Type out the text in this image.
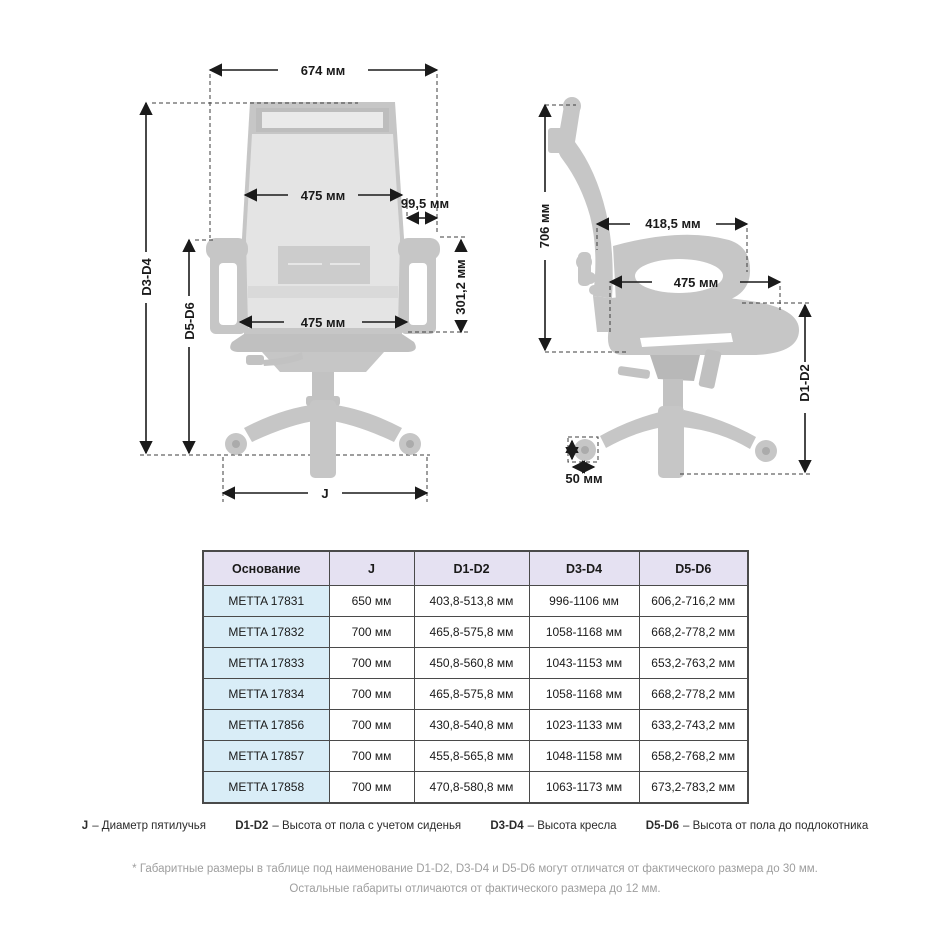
674 мм
D3-D4
D5-D6
475 мм
99,5 мм
301,2 мм
475 мм
J
706 мм	418,5 мм
475 мм
D1-D2
50 мм
Основание	J	D1-D2	D3-D4	D5-D6
METTA 17831	650 мм	403,8-513,8 мм	996-1106 мм	606,2-716,2 мм
METTA 17832	700 мм	465,8-575,8 мм	1058-1168 мм	668,2-778,2 мм
METTA 17833	700 мм	450,8-560,8 мм	1043-1153 мм	653,2-763,2 мм
METTA 17834	700 мм	465,8-575,8 мм	1058-1168 мм	668,2-778,2 мм
METTA 17856	700 мм	430,8-540,8 мм	1023-1133 мм	633,2-743,2 мм
METTA 17857	700 мм	455,8-565,8 мм	1048-1158 мм	658,2-768,2 мм
METTA 17858	700 мм	470,8-580,8 мм	1063-1173 мм	673,2-783,2 мм
J – Диаметр пятилучья	D1-D2 – Высота от пола с учетом сиденья	D3-D4 – Высота кресла	D5-D6 – Высота от пола до подлокотника
* Габаритные размеры в таблице под наименование D1-D2, D3-D4 и D5-D6 могут отличатся от фактического размера до 30 мм.
Остальные габариты отличаются от фактического размера до 12 мм.
